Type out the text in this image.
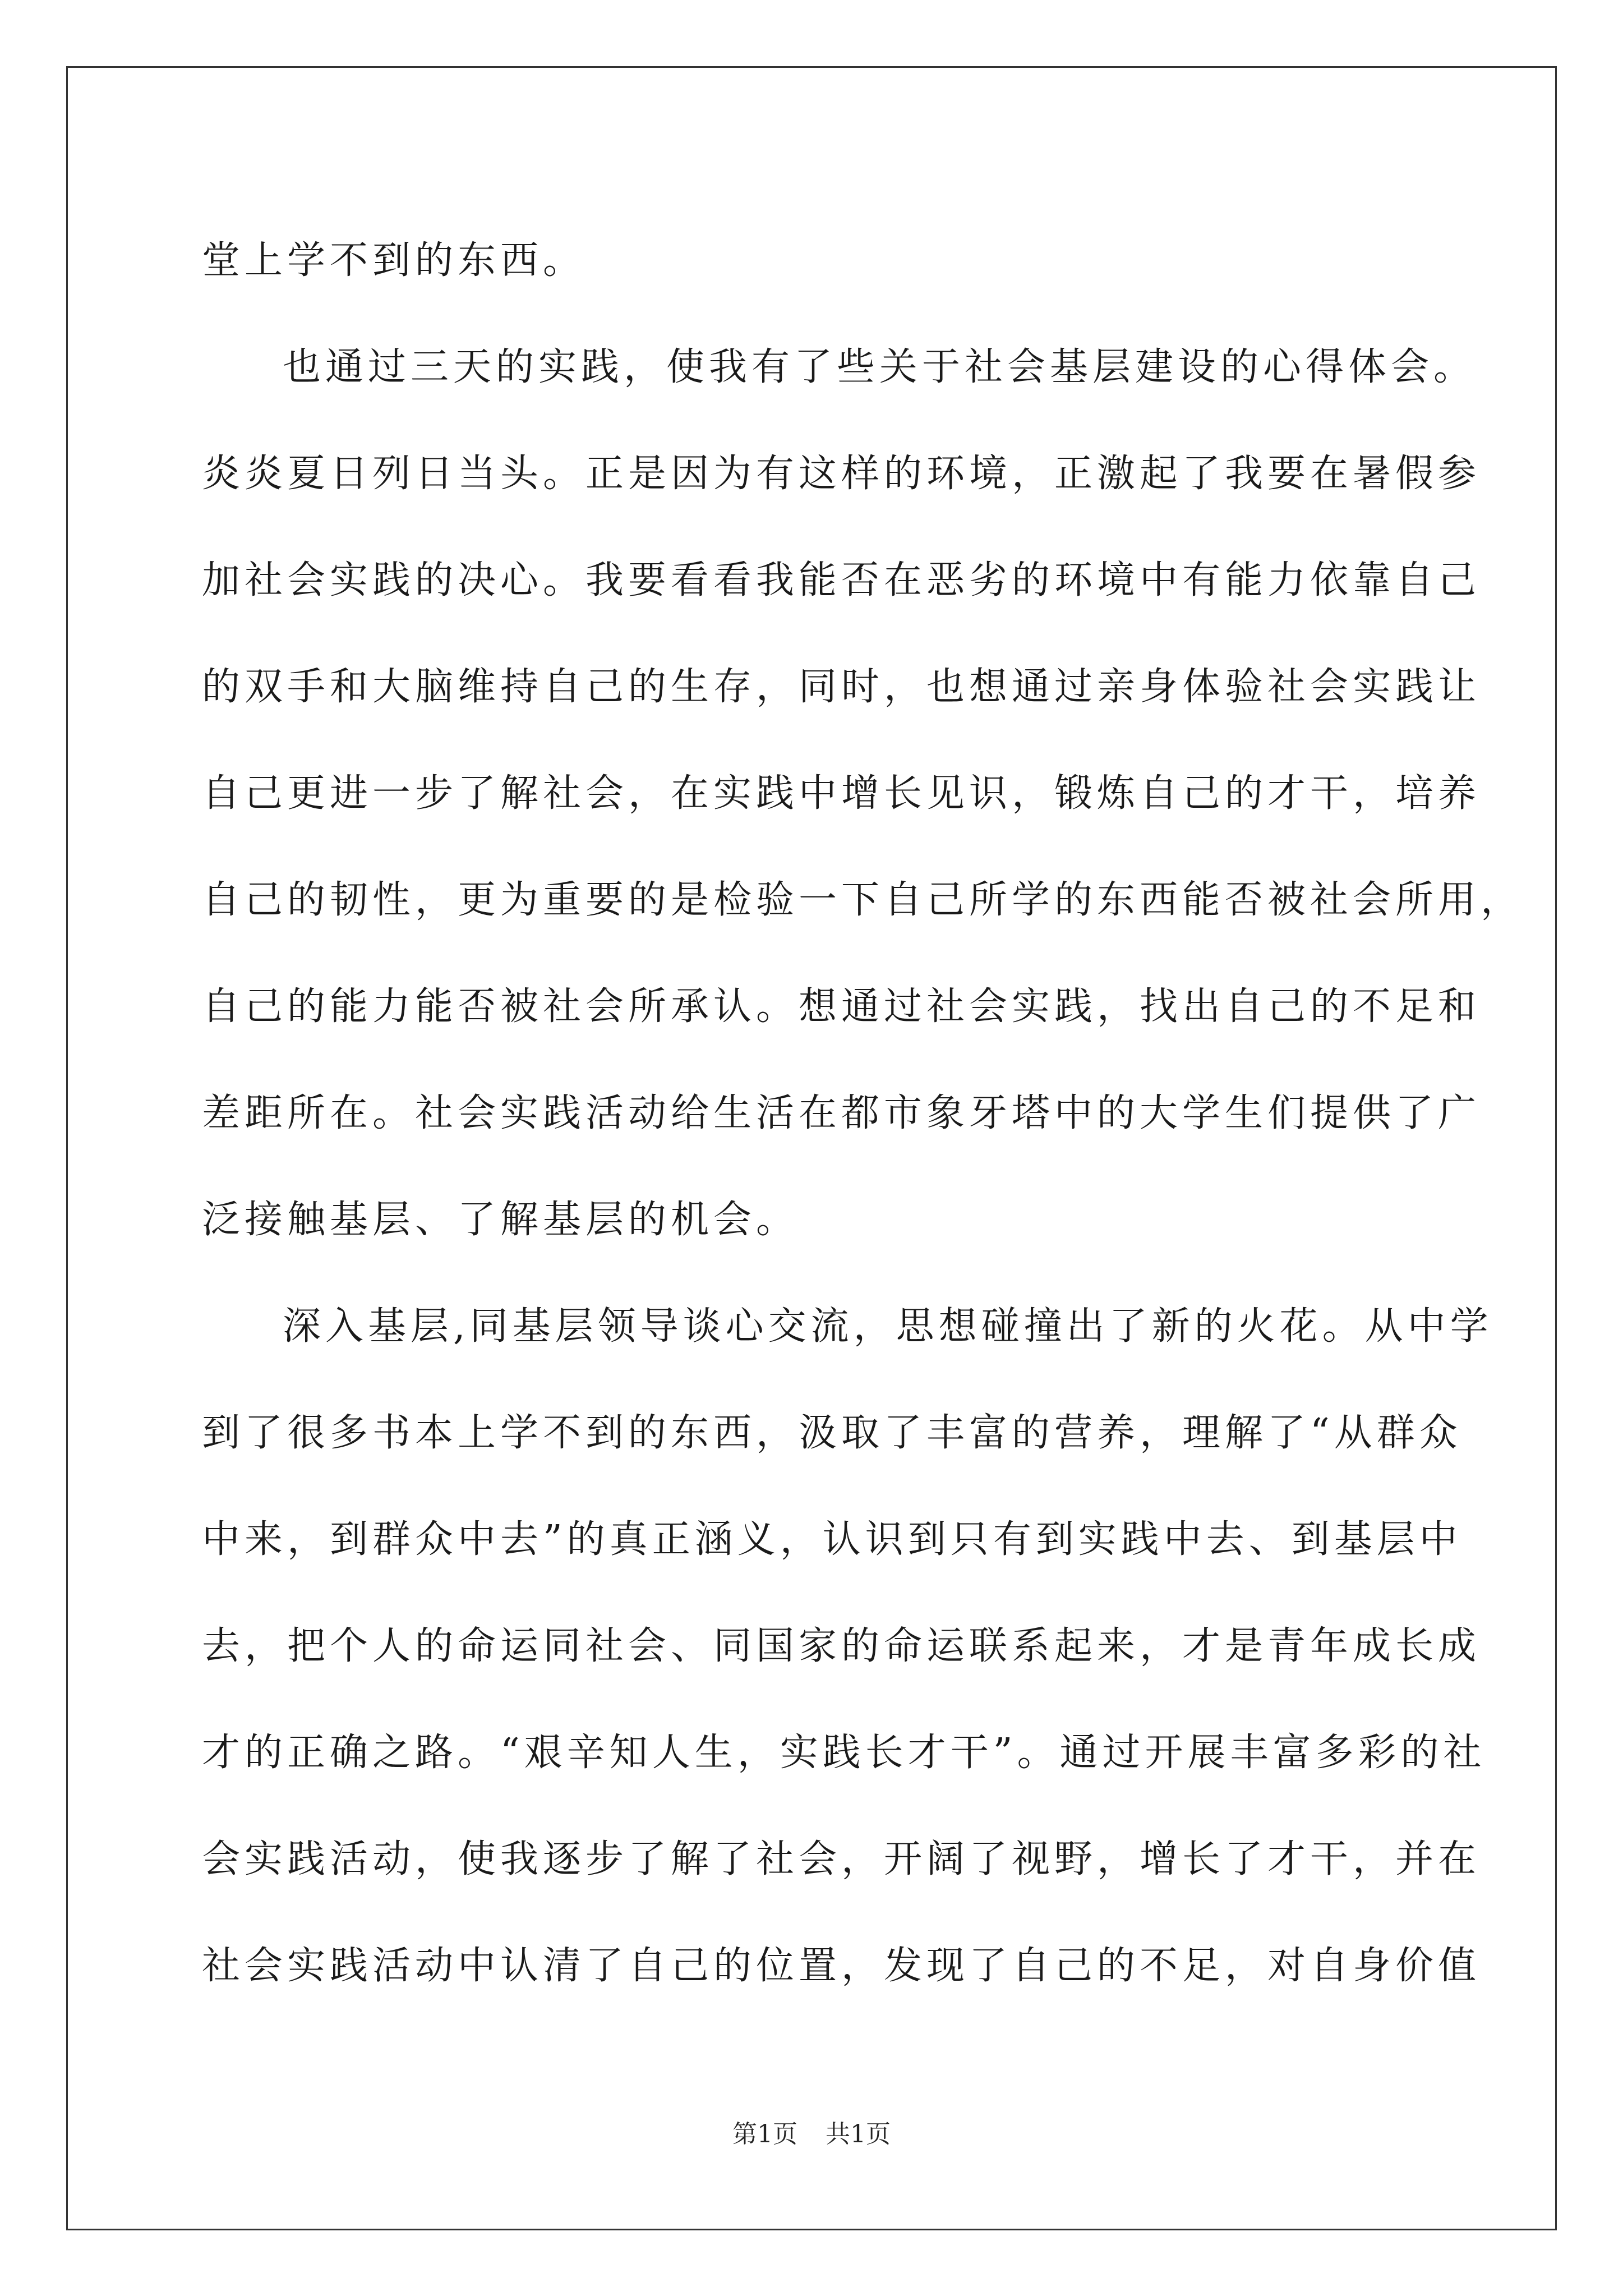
堂上学不到的东西。
也通过三天的实践，使我有了些关于社会基层建设的心得体会。
炎炎夏日列日当头。正是因为有这样的环境，正激起了我要在暑假参
加社会实践的决心。我要看看我能否在恶劣的环境中有能力依靠自己
的双手和大脑维持自己的生存，同时，也想通过亲身体验社会实践让
自己更进一步了解社会，在实践中增长见识，锻炼自己的才干，培养
自己的韧性，更为重要的是检验一下自己所学的东西能否被社会所用，
自己的能力能否被社会所承认。想通过社会实践，找出自己的不足和
差距所在。社会实践活动给生活在都市象牙塔中的大学生们提供了广
泛接触基层、了解基层的机会。
深入基层,同基层领导谈心交流，思想碰撞出了新的火花。从中学
到了很多书本上学不到的东西，汲取了丰富的营养，理解了“从群众
中来，到群众中去”的真正涵义，认识到只有到实践中去、到基层中
去，把个人的命运同社会、同国家的命运联系起来，才是青年成长成
才的正确之路。“艰辛知人生，实践长才干”。通过开展丰富多彩的社
会实践活动，使我逐步了解了社会，开阔了视野，增长了才干，并在
社会实践活动中认清了自己的位置，发现了自己的不足，对自身价值
第1页 共1页
